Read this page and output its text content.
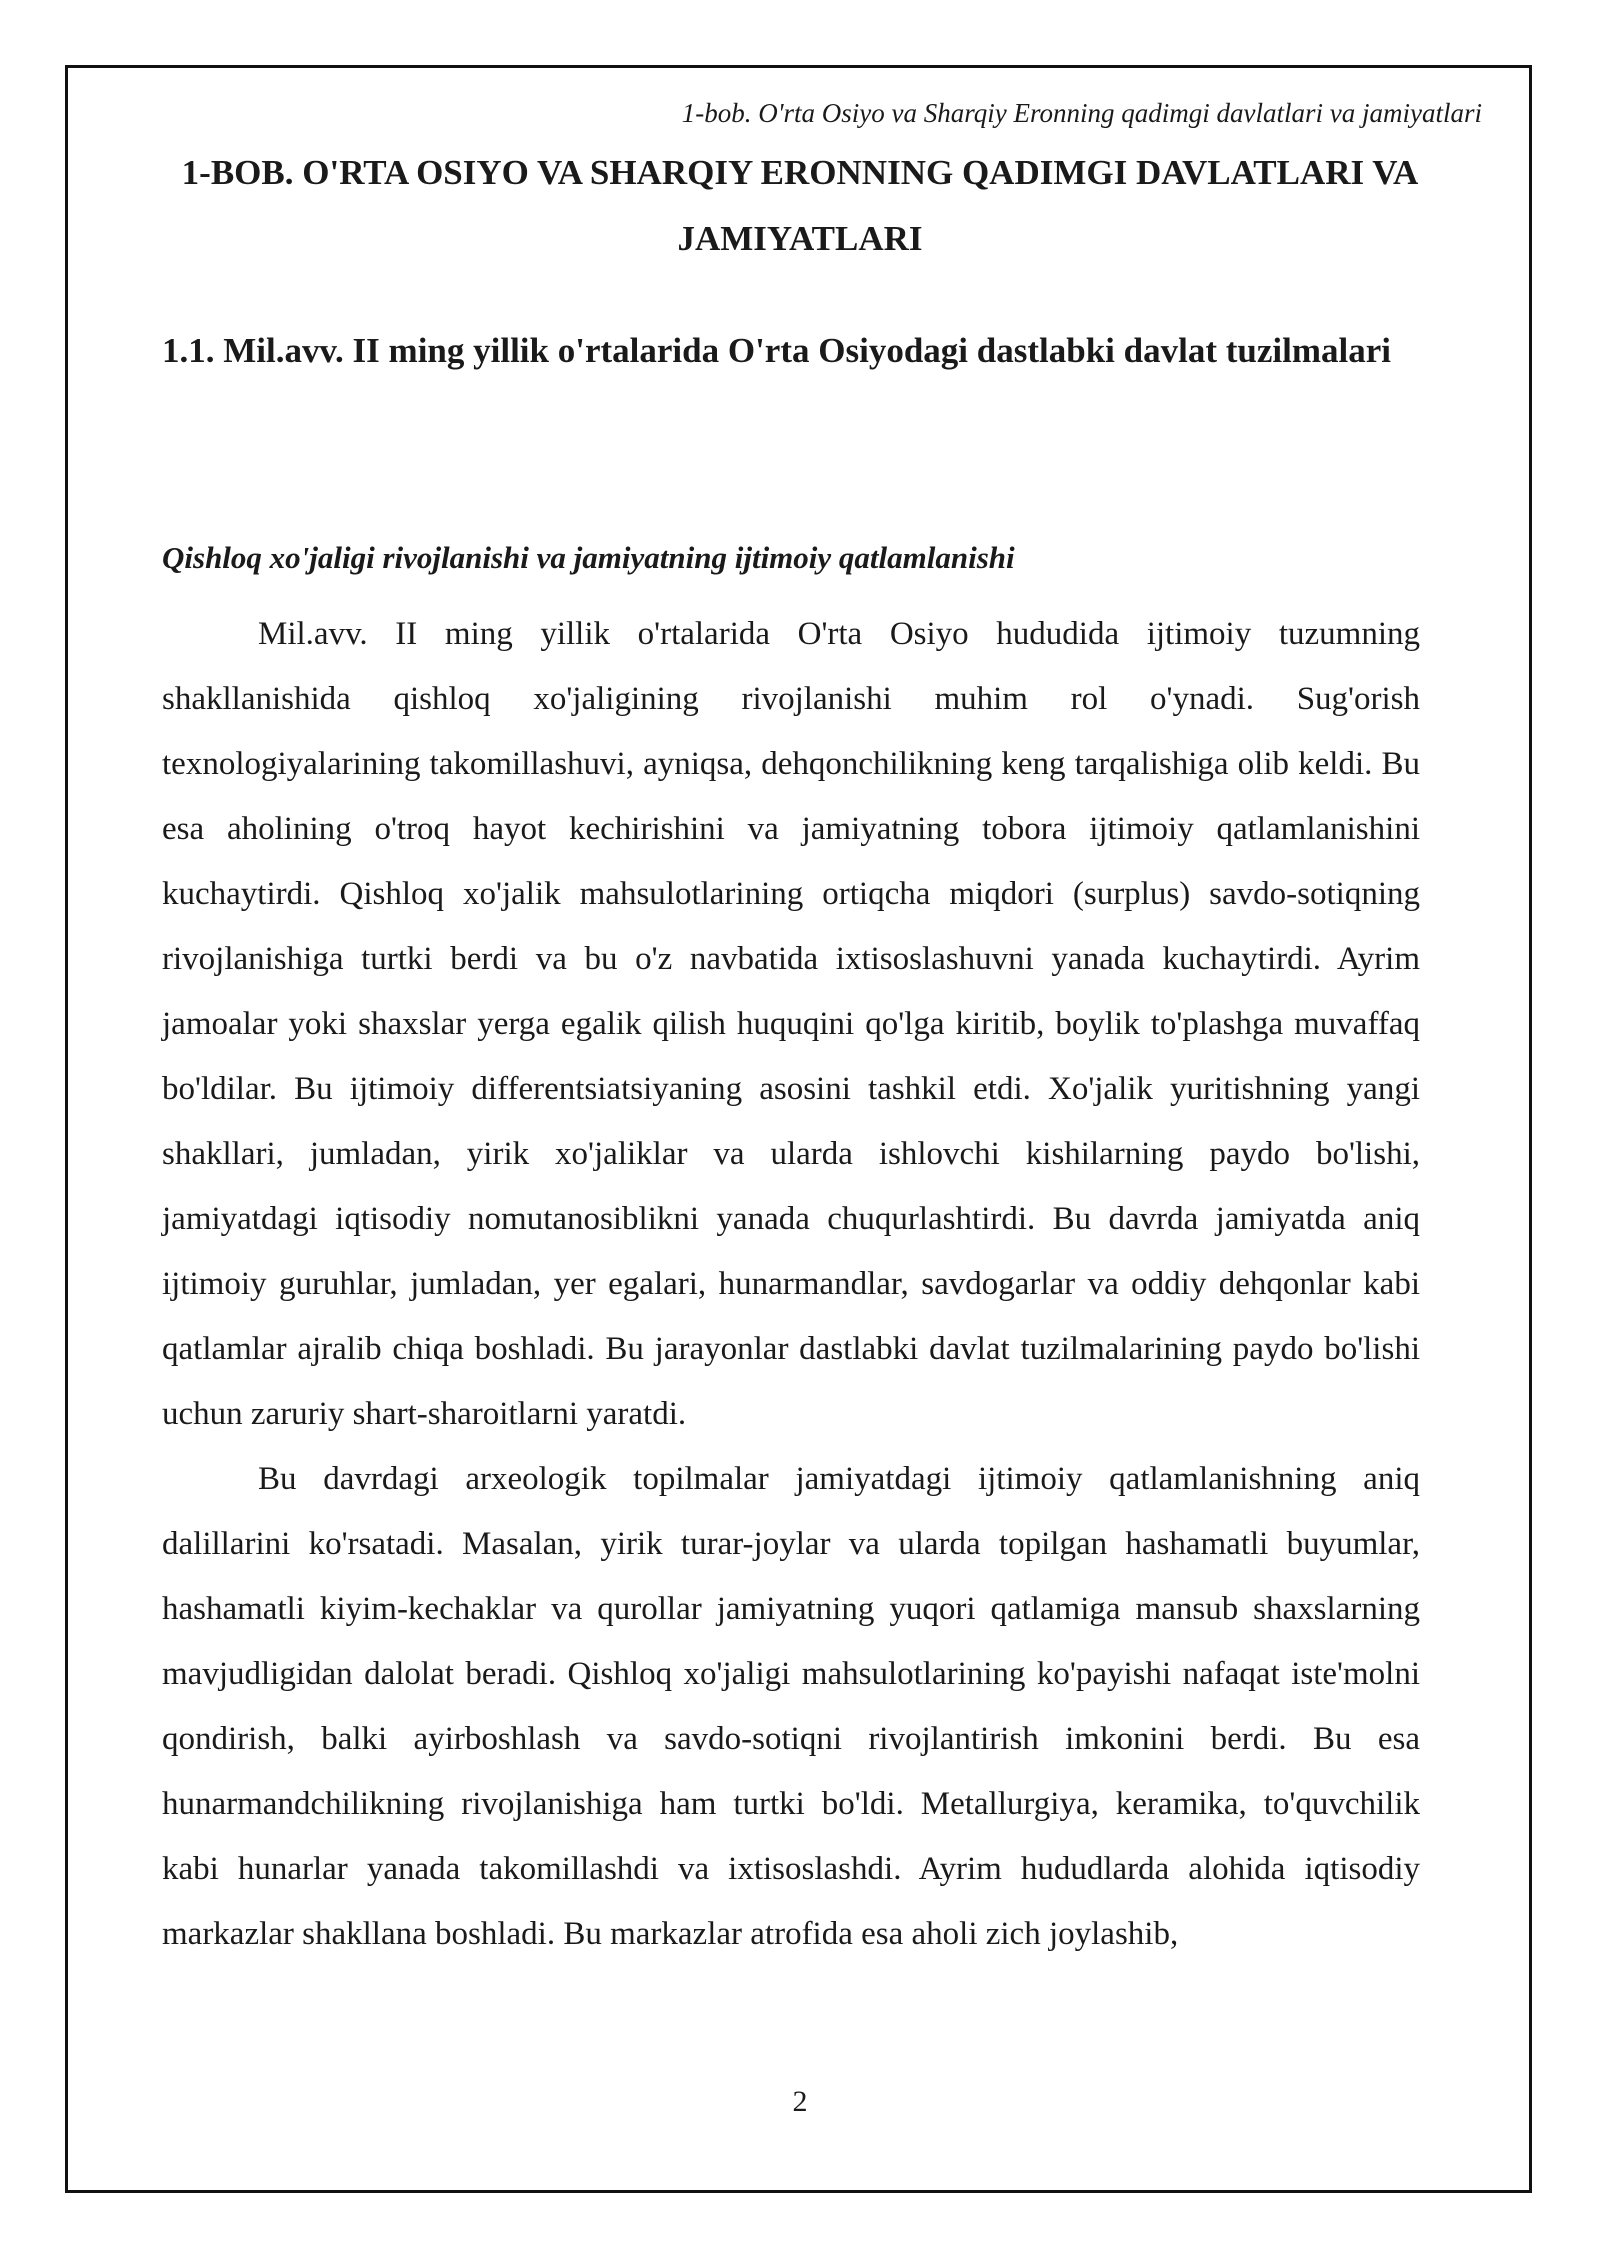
1-bob. O'rta Osiyo va Sharqiy Eronning qadimgi davlatlari va jamiyatlari
1-BOB. O'RTA OSIYO VA SHARQIY ERONNING QADIMGI DAVLATLARI VA JAMIYATLARI
1.1. Mil.avv. II ming yillik o'rtalarida O'rta Osiyodagi dastlabki davlat tuzilmalari
Qishloq xo'jaligi rivojlanishi va jamiyatning ijtimoiy qatlamlanishi

Mil.avv. II ming yillik o'rtalarida O'rta Osiyo hududida ijtimoiy tuzumning shakllanishida qishloq xo'jaligining rivojlanishi muhim rol o'ynadi. Sug'orish texnologiyalarining takomillashuvi, ayniqsa, dehqonchilikning keng tarqalishiga olib keldi. Bu esa aholining o'troq hayot kechirishini va jamiyatning tobora ijtimoiy qatlamlanishini kuchaytirdi. Qishloq xo'jalik mahsulotlarining ortiqcha miqdori (surplus) savdo-sotiqning rivojlanishiga turtki berdi va bu o'z navbatida ixtisoslashuvni yanada kuchaytirdi. Ayrim jamoalar yoki shaxslar yerga egalik qilish huquqini qo'lga kiritib, boylik to'plashga muvaffaq bo'ldilar. Bu ijtimoiy differentsiatsiyaning asosini tashkil etdi. Xo'jalik yuritishning yangi shakllari, jumladan, yirik xo'jaliklar va ularda ishlovchi kishilarning paydo bo'lishi, jamiyatdagi iqtisodiy nomutanosiblikni yanada chuqurlashtirdi. Bu davrda jamiyatda aniq ijtimoiy guruhlar, jumladan, yer egalari, hunarmandlar, savdogarlar va oddiy dehqonlar kabi qatlamlar ajralib chiqa boshladi. Bu jarayonlar dastlabki davlat tuzilmalarining paydo bo'lishi uchun zaruriy shart-sharoitlarni yaratdi.

Bu davrdagi arxeologik topilmalar jamiyatdagi ijtimoiy qatlamlanishning aniq dalillarini ko'rsatadi. Masalan, yirik turar-joylar va ularda topilgan hashamatli buyumlar, hashamatli kiyim-kechaklar va qurollar jamiyatning yuqori qatlamiga mansub shaxslarning mavjudligidan dalolat beradi. Qishloq xo'jaligi mahsulotlarining ko'payishi nafaqat iste'molni qondirish, balki ayirboshlash va savdo-sotiqni rivojlantirish imkonini berdi. Bu esa hunarmandchilikning rivojlanishiga ham turtki bo'ldi. Metallurgiya, keramika, to'quvchilik kabi hunarlar yanada takomillashdi va ixtisoslashdi. Ayrim hududlarda alohida iqtisodiy markazlar shakllana boshladi. Bu markazlar atrofida esa aholi zich joylashib,

2
